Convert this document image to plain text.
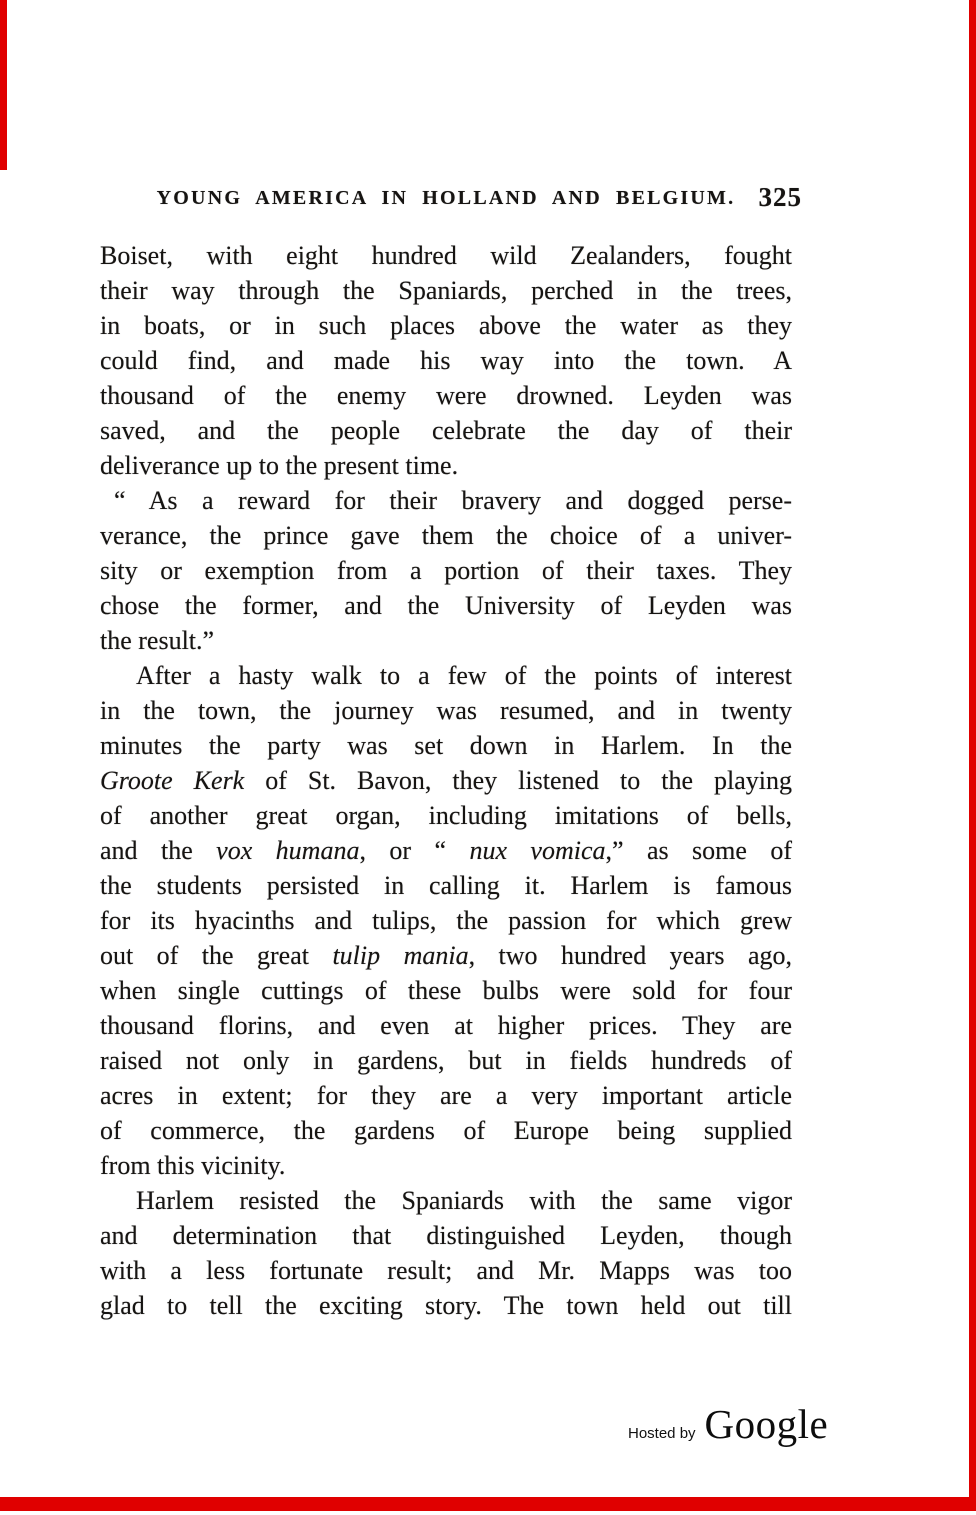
YOUNG AMERICA IN HOLLAND AND BELGIUM. 325
Boiset, with eight hundred wild Zealanders, fought
their way through the Spaniards, perched in the trees,
in boats, or in such places above the water as they
could find, and made his way into the town. A
thousand of the enemy were drowned. Leyden was
saved, and the people celebrate the day of their
deliverance up to the present time.
“ As a reward for their bravery and dogged perse-
verance, the prince gave them the choice of a univer-
sity or exemption from a portion of their taxes. They
chose the former, and the University of Leyden was
the result.”
After a hasty walk to a few of the points of interest
in the town, the journey was resumed, and in twenty
minutes the party was set down in Harlem. In the
Groote Kerk of St. Bavon, they listened to the playing
of another great organ, including imitations of bells,
and the vox humana, or “ nux vomica,” as some of
the students persisted in calling it. Harlem is famous
for its hyacinths and tulips, the passion for which grew
out of the great tulip mania, two hundred years ago,
when single cuttings of these bulbs were sold for four
thousand florins, and even at higher prices. They are
raised not only in gardens, but in fields hundreds of
acres in extent; for they are a very important article
of commerce, the gardens of Europe being supplied
from this vicinity.
Harlem resisted the Spaniards with the same vigor
and determination that distinguished Leyden, though
with a less fortunate result; and Mr. Mapps was too
glad to tell the exciting story. The town held out till
Hosted by Google
